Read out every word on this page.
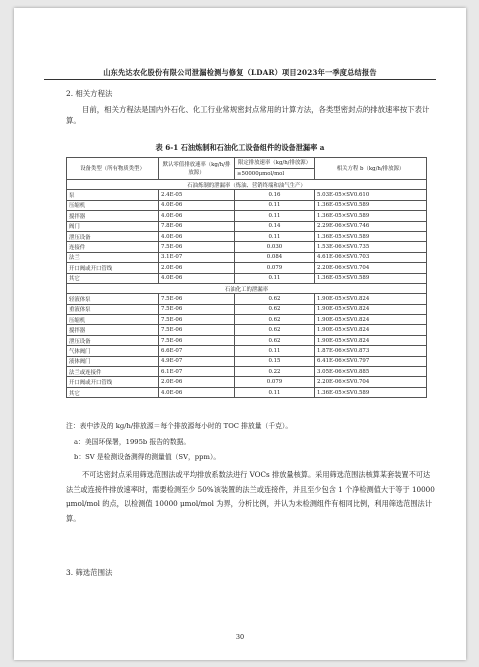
山东先达农化股份有限公司泄漏检测与修复（LDAR）项目2023年一季度总结报告
2. 相关方程法
目前，相关方程法是国内外石化、化工行业常规密封点常用的计算方法，各类型密封点的排放速率按下表计算。
表 6-1 石油炼制和石油化工设备组件的设备泄漏率 a
设备类型（所有物质类型）	默认零值排放速率（kg/h/排放源）	限定排放速率（kg/h/排放源）	相关方程 b（kg/h/排放源）
		≥50000μmol/mol	
石油炼制的泄漏率（炼油、营销终端和油气生产）			
泵	2.4E-05	0.16	5.03E-05×SV0.610
压缩机	4.0E-06	0.11	1.36E-05×SV0.589
搅拌器	4.0E-06	0.11	1.36E-05×SV0.589
阀门	7.8E-06	0.14	2.29E-06×SV0.746
泄压设备	4.0E-06	0.11	1.36E-05×SV0.589
连接件	7.5E-06	0.030	1.53E-06×SV0.735
法兰	3.1E-07	0.084	4.61E-06×SV0.703
开口阀或开口管线	2.0E-06	0.079	2.20E-06×SV0.704
其它	4.0E-06	0.11	1.36E-05×SV0.589
石油化工的泄漏率			
轻液体泵	7.5E-06	0.62	1.90E-05×SV0.824
重液体泵	7.5E-06	0.62	1.90E-05×SV0.824
压缩机	7.5E-06	0.62	1.90E-05×SV0.824
搅拌器	7.5E-06	0.62	1.90E-05×SV0.824
泄压设备	7.5E-06	0.62	1.90E-05×SV0.824
气体阀门	6.6E-07	0.11	1.87E-06×SV0.873
液体阀门	4.9E-07	0.15	6.41E-06×SV0.797
法兰或连接件	6.1E-07	0.22	3.05E-06×SV0.885
开口阀或开口管线	2.0E-06	0.079	2.20E-06×SV0.704
其它	4.0E-06	0.11	1.36E-05×SV0.589
注：表中涉及的 kg/h/排放源＝每个排放源每小时的 TOC 排放量（千克）。
a：美国环保署，1995b 报告的数据。
b：SV 是检测设备测得的测量值（SV，ppm）。
不可达密封点采用筛选范围法或平均排放系数法进行 VOCs 排放量核算。采用筛选范围法核算某套装置不可达法兰或连接件排放速率时，需要检测至少 50%该装置的法兰或连接件，并且至少包含 1 个净检测值大于等于 10000 μmol/mol 的点，以检测值 10000 μmol/mol 为界，分析比例，并认为未检测组件有相同比例，利用筛选范围法计算。
3. 筛选范围法
30
